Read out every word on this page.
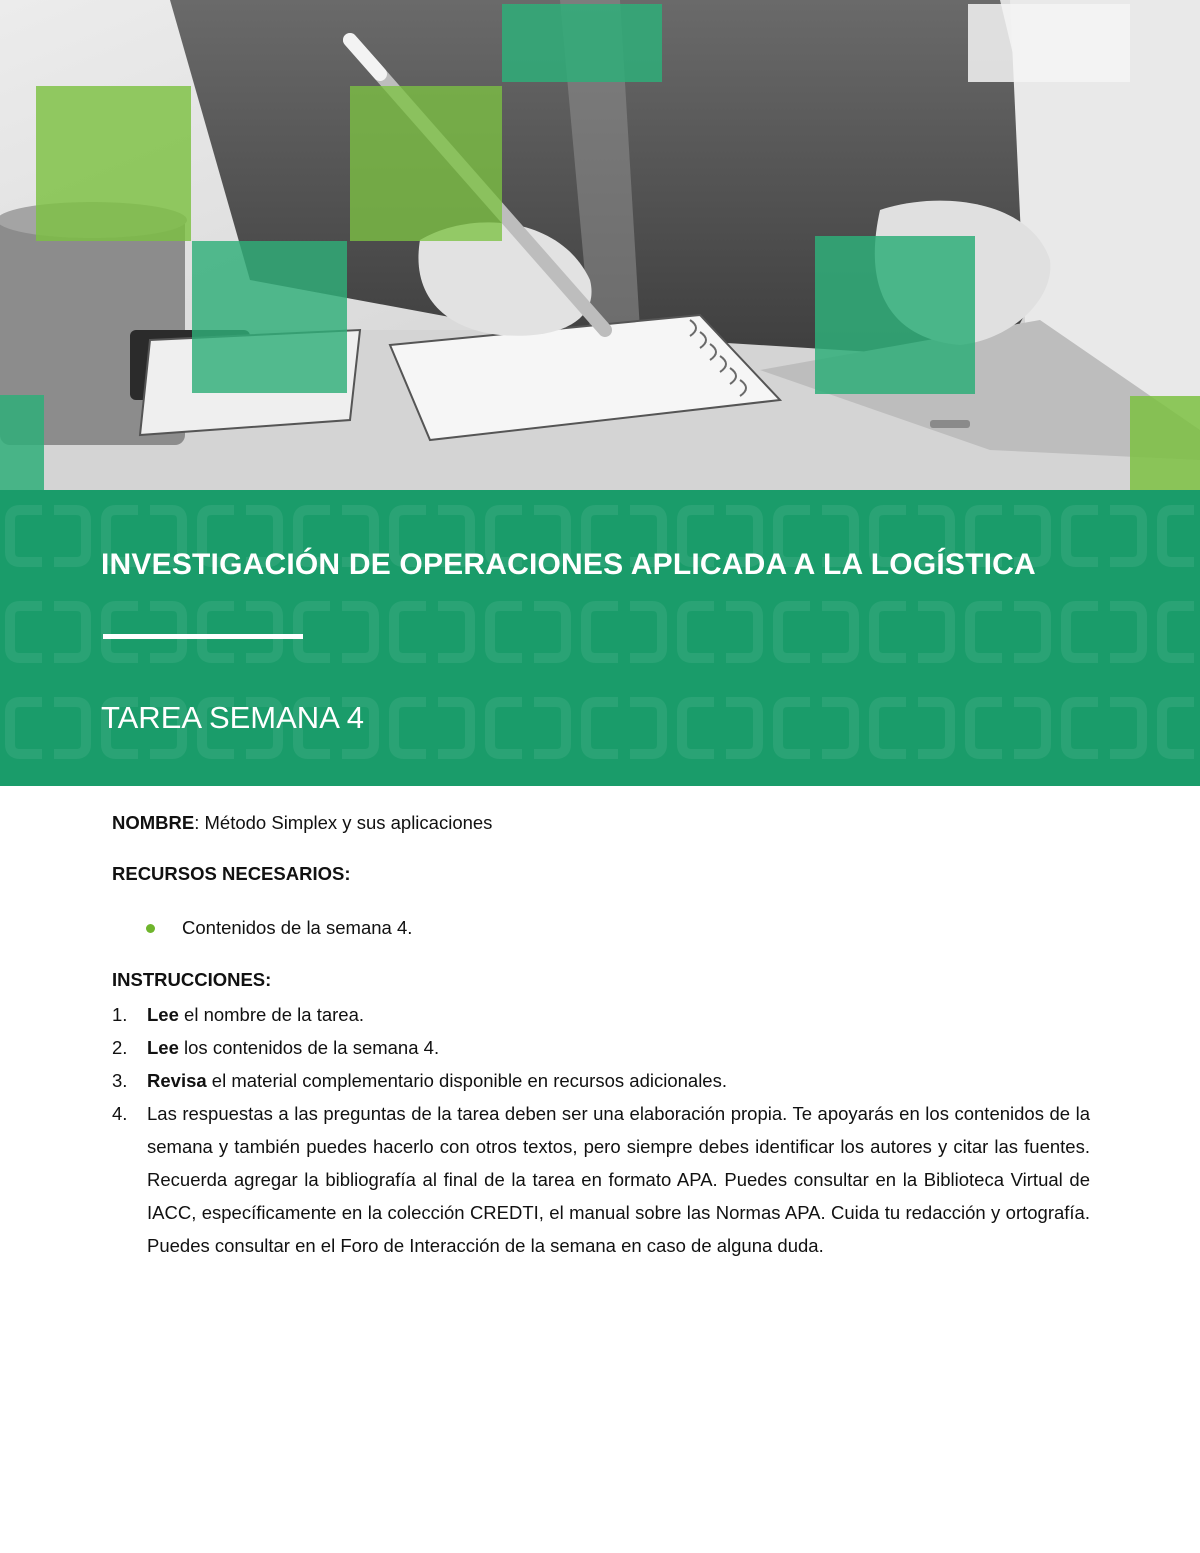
INVESTIGACIÓN DE OPERACIONES APLICADA A LA LOGÍSTICA
TAREA SEMANA 4

NOMBRE: Método Simplex y sus aplicaciones

RECURSOS NECESARIOS:

Contenidos de la semana 4.

INSTRUCCIONES:

1. Lee el nombre de la tarea.
2. Lee los contenidos de la semana 4.
3. Revisa el material complementario disponible en recursos adicionales.
4. Las respuestas a las preguntas de la tarea deben ser una elaboración propia. Te apoyarás en los contenidos de la semana y también puedes hacerlo con otros textos, pero siempre debes identificar los autores y citar las fuentes. Recuerda agregar la bibliografía al final de la tarea en formato APA. Puedes consultar en la Biblioteca Virtual de IACC, específicamente en la colección CREDTI, el manual sobre las Normas APA. Cuida tu redacción y ortografía. Puedes consultar en el Foro de Interacción de la semana en caso de alguna duda.
